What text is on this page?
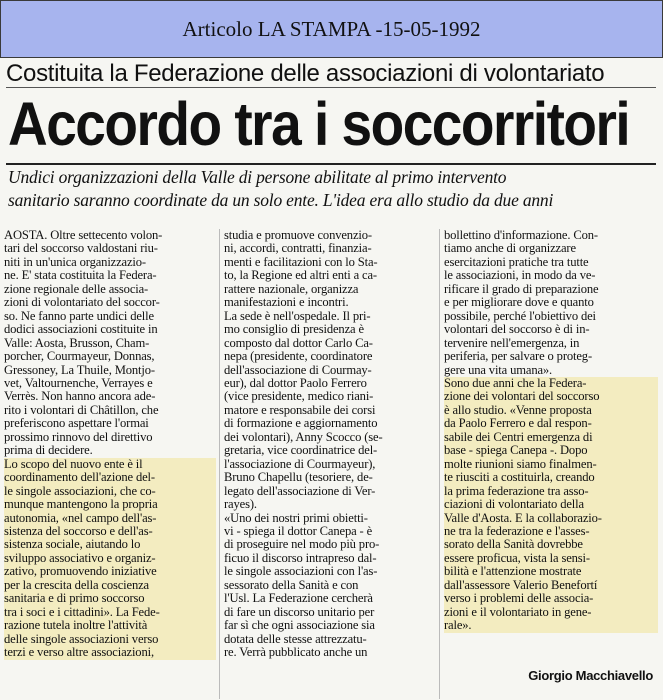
Articolo LA STAMPA -15-05-1992
Costituita la Federazione delle associazioni di volontariato
Accordo tra i soccorritori
Undici organizzazioni della Valle di persone abilitate al primo intervento
sanitario saranno coordinate da un solo ente. L'idea era allo studio da due anni
AOSTA. Oltre settecento volon-
tari del soccorso valdostani riu-
niti in un'unica organizzazio-
ne. E' stata costituita la Federa-
zione regionale delle associa-
zioni di volontariato del soccor-
so. Ne fanno parte undici delle
dodici associazioni costituite in
Valle: Aosta, Brusson, Cham-
porcher, Courmayeur, Donnas,
Gressoney, La Thuile, Montjo-
vet, Valtournenche, Verrayes e
Verrès. Non hanno ancora ade-
rito i volontari di Châtillon, che
preferiscono aspettare l'ormai
prossimo rinnovo del direttivo
prima di decidere.
Lo scopo del nuovo ente è il
coordinamento dell'azione del-
le singole associazioni, che co-
munque mantengono la propria
autonomia, «nel campo dell'as-
sistenza del soccorso e dell'as-
sistenza sociale, aiutando lo
sviluppo associativo e organiz-
zativo, promuovendo iniziative
per la crescita della coscienza
sanitaria e di primo soccorso
tra i soci e i cittadini». La Fede-
razione tutela inoltre l'attività
delle singole associazioni verso
terzi e verso altre associazioni,
studia e promuove convenzio-
ni, accordi, contratti, finanzia-
menti e facilitazioni con lo Sta-
to, la Regione ed altri enti a ca-
rattere nazionale, organizza
manifestazioni e incontri.
La sede è nell'ospedale. Il pri-
mo consiglio di presidenza è
composto dal dottor Carlo Ca-
nepa (presidente, coordinatore
dell'associazione di Courmay-
eur), dal dottor Paolo Ferrero
(vice presidente, medico riani-
matore e responsabile dei corsi
di formazione e aggiornamento
dei volontari), Anny Scocco (se-
gretaria, vice coordinatrice del-
l'associazione di Courmayeur),
Bruno Chapellu (tesoriere, de-
legato dell'associazione di Ver-
rayes).
«Uno dei nostri primi obietti-
vi - spiega il dottor Canepa - è
di proseguire nel modo più pro-
ficuo il discorso intrapreso dal-
le singole associazioni con l'as-
sessorato della Sanità e con
l'Usl. La Federazione cercherà
di fare un discorso unitario per
far sì che ogni associazione sia
dotata delle stesse attrezzatu-
re. Verrà pubblicato anche un
bollettino d'informazione. Con-
tiamo anche di organizzare
esercitazioni pratiche tra tutte
le associazioni, in modo da ve-
rificare il grado di preparazione
e per migliorare dove e quanto
possibile, perché l'obiettivo dei
volontari del soccorso è di in-
tervenire nell'emergenza, in
periferia, per salvare o proteg-
gere una vita umana».
Sono due anni che la Federa-
zione dei volontari del soccorso
è allo studio. «Venne proposta
da Paolo Ferrero e dal respon-
sabile dei Centri emergenza di
base - spiega Canepa -. Dopo
molte riunioni siamo finalmen-
te riusciti a costituirla, creando
la prima federazione tra asso-
ciazioni di volontariato della
Valle d'Aosta. E la collaborazio-
ne tra la federazione e l'asses-
sorato della Sanità dovrebbe
essere proficua, vista la sensi-
bilità e l'attenzione mostrate
dall'assessore Valerio Benefortí
verso i problemi delle associa-
zioni e il volontariato in gene-
rale».
Giorgio Macchiavello
